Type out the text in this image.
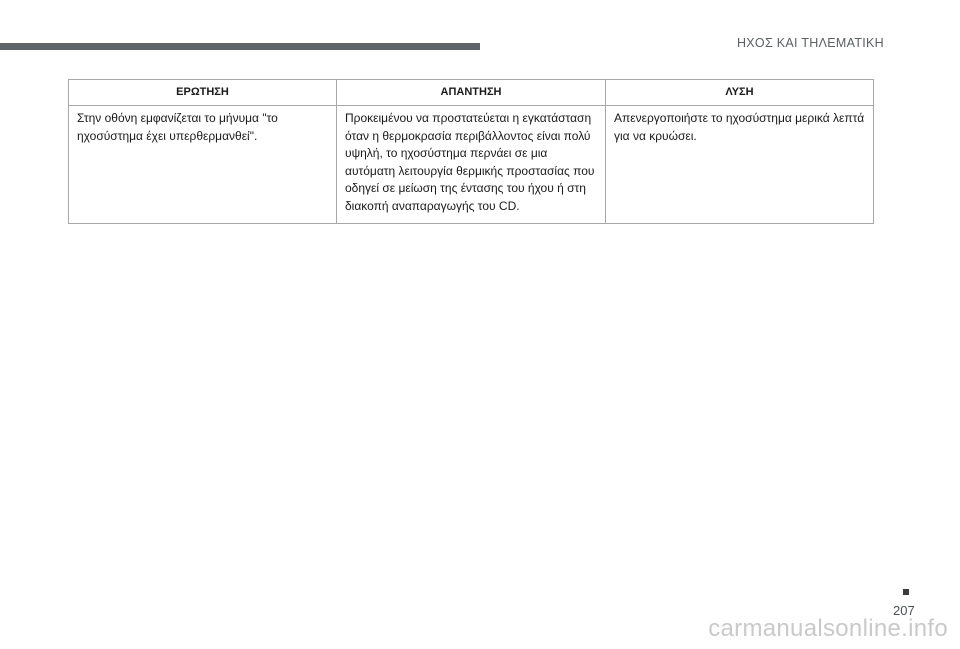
ΗΧΟΣ ΚΑΙ ΤΗΛΕΜΑΤΙΚΗ
ΕΡΩΤΗΣΗ	ΑΠΑΝΤΗΣΗ	ΛΥΣΗ
Στην οθόνη εμφανίζεται το μήνυμα "το ηχοσύστημα έχει υπερθερμανθεί".	Προκειμένου να προστατεύεται η εγκατάσταση όταν η θερμοκρασία περιβάλλοντος είναι πολύ υψηλή, το ηχοσύστημα περνάει σε μια αυτόματη λειτουργία θερμικής προστασίας που οδηγεί σε μείωση της έντασης του ήχου ή στη διακοπή αναπαραγωγής του CD.	Απενεργοποιήστε το ηχοσύστημα μερικά λεπτά για να κρυώσει.
207
carmanualsonline.info
